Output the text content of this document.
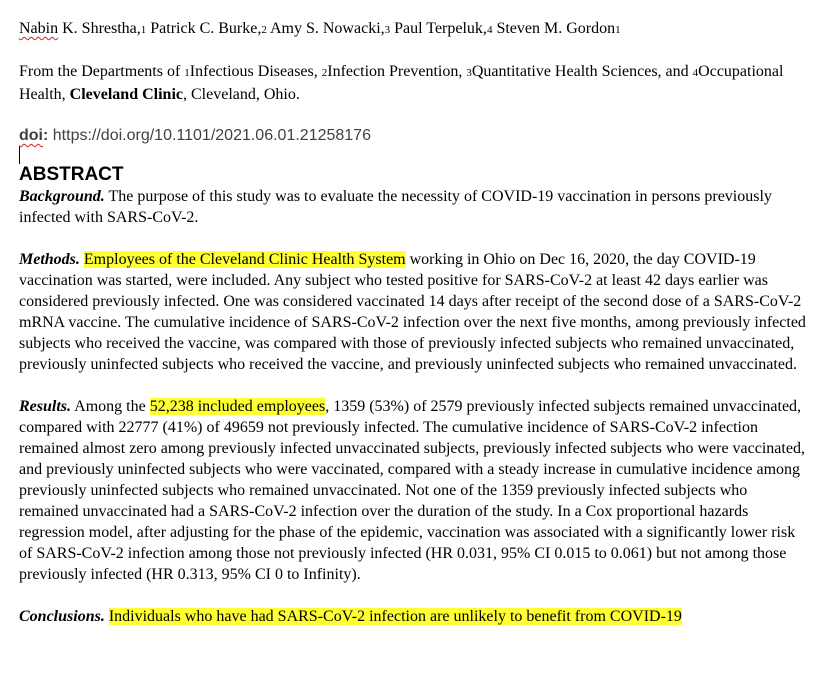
Nabin K. Shrestha,1 Patrick C. Burke,2 Amy S. Nowacki,3 Paul Terpeluk,4 Steven M. Gordon1

From the Departments of 1Infectious Diseases, 2Infection Prevention, 3Quantitative Health Sciences, and 4Occupational Health, Cleveland Clinic, Cleveland, Ohio.

doi: https://doi.org/10.1101/2021.06.01.21258176

ABSTRACT

Background. The purpose of this study was to evaluate the necessity of COVID-19 vaccination in persons previously infected with SARS-CoV-2.

Methods. Employees of the Cleveland Clinic Health System working in Ohio on Dec 16, 2020, the day COVID-19 vaccination was started, were included. Any subject who tested positive for SARS-CoV-2 at least 42 days earlier was considered previously infected. One was considered vaccinated 14 days after receipt of the second dose of a SARS-CoV-2 mRNA vaccine. The cumulative incidence of SARS-CoV-2 infection over the next five months, among previously infected subjects who received the vaccine, was compared with those of previously infected subjects who remained unvaccinated, previously uninfected subjects who received the vaccine, and previously uninfected subjects who remained unvaccinated.

Results. Among the 52,238 included employees, 1359 (53%) of 2579 previously infected subjects remained unvaccinated, compared with 22777 (41%) of 49659 not previously infected. The cumulative incidence of SARS-CoV-2 infection remained almost zero among previously infected unvaccinated subjects, previously infected subjects who were vaccinated, and previously uninfected subjects who were vaccinated, compared with a steady increase in cumulative incidence among previously uninfected subjects who remained unvaccinated. Not one of the 1359 previously infected subjects who remained unvaccinated had a SARS-CoV-2 infection over the duration of the study. In a Cox proportional hazards regression model, after adjusting for the phase of the epidemic, vaccination was associated with a significantly lower risk of SARS-CoV-2 infection among those not previously infected (HR 0.031, 95% CI 0.015 to 0.061) but not among those previously infected (HR 0.313, 95% CI 0 to Infinity).

Conclusions. Individuals who have had SARS-CoV-2 infection are unlikely to benefit from COVID-19
